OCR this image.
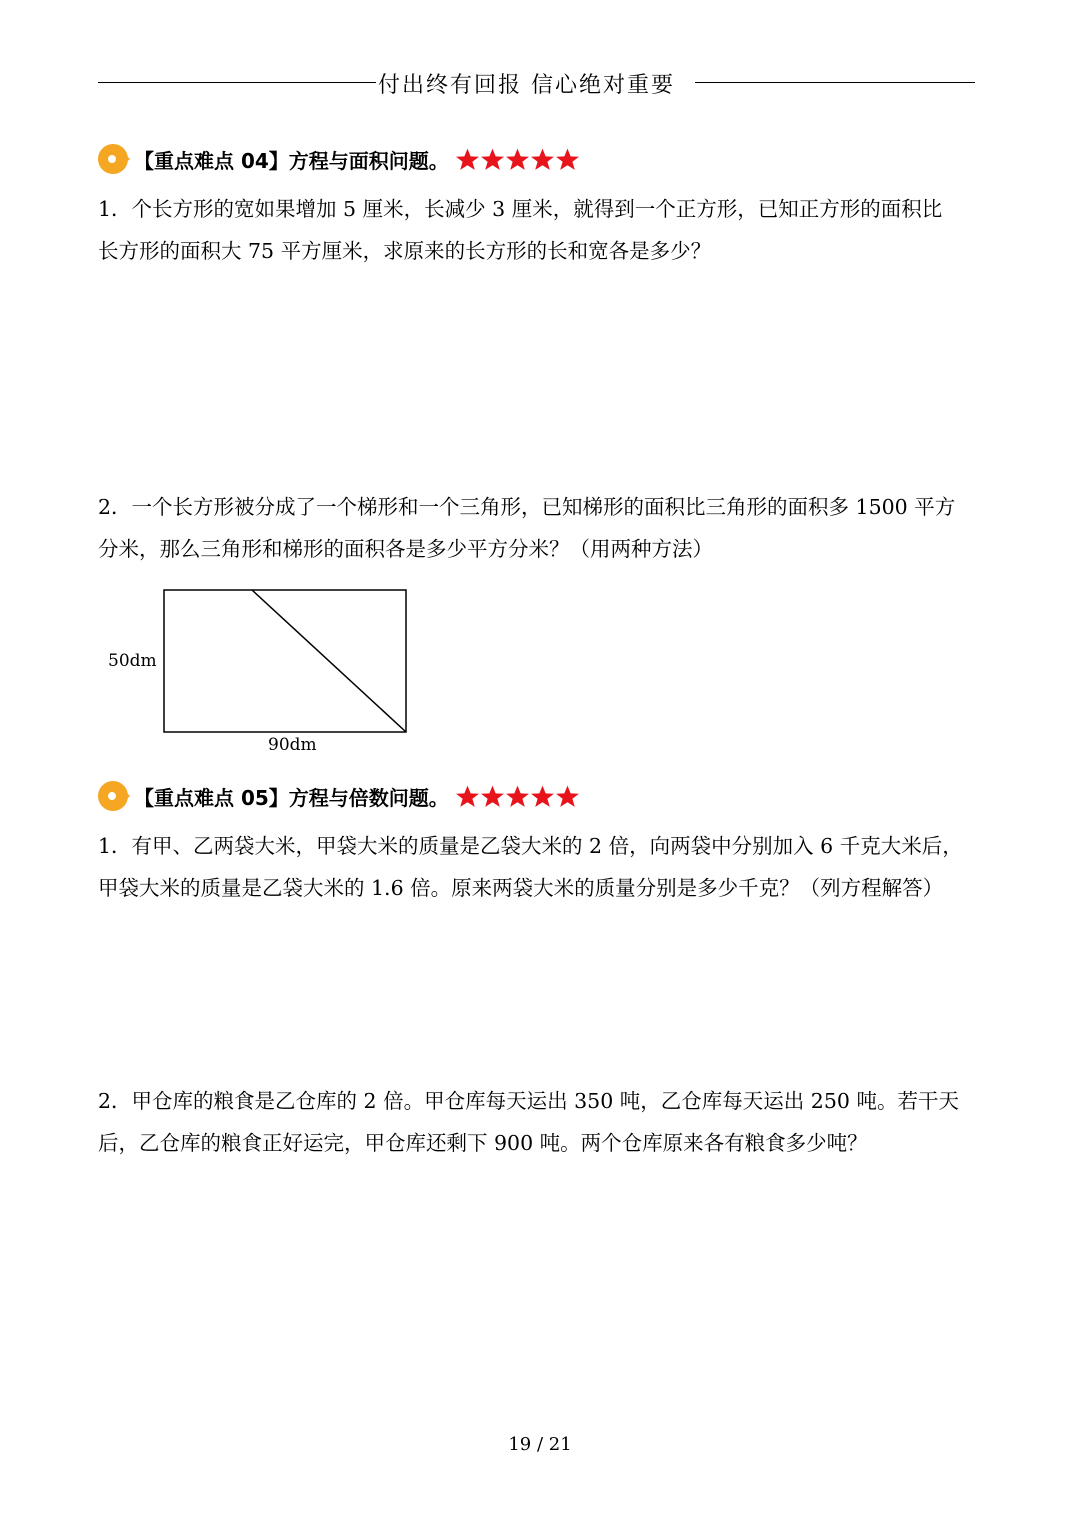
付出终有回报 信心绝对重要
【重点难点 04】方程与面积问题。
1．个长方形的宽如果增加 5 厘米，长减少 3 厘米，就得到一个正方形，已知正方形的面积比
长方形的面积大 75 平方厘米，求原来的长方形的长和宽各是多少？
2．一个长方形被分成了一个梯形和一个三角形，已知梯形的面积比三角形的面积多 1500 平方
分米，那么三角形和梯形的面积各是多少平方分米？（用两种方法）
50dm
90dm
【重点难点 05】方程与倍数问题。
1．有甲、乙两袋大米，甲袋大米的质量是乙袋大米的 2 倍，向两袋中分别加入 6 千克大米后，
甲袋大米的质量是乙袋大米的 1.6 倍。原来两袋大米的质量分别是多少千克？（列方程解答）
2．甲仓库的粮食是乙仓库的 2 倍。甲仓库每天运出 350 吨，乙仓库每天运出 250 吨。若干天
后，乙仓库的粮食正好运完，甲仓库还剩下 900 吨。两个仓库原来各有粮食多少吨？
19 / 21
